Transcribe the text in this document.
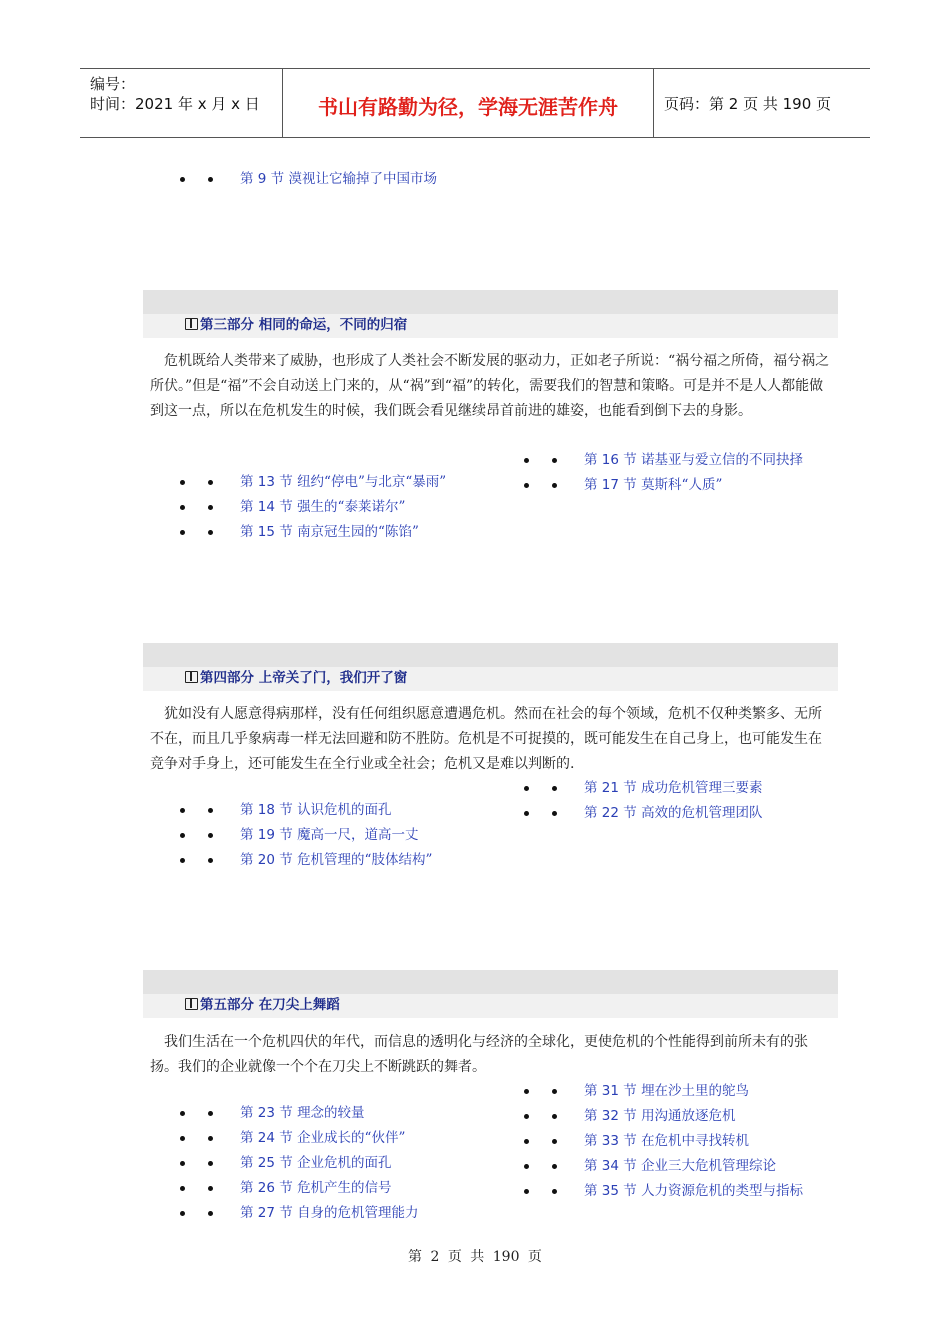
编号：
时间：2021 年 x 月 x 日	书山有路勤为径，学海无涯苦作舟	页码：第 2 页 共 190 页
第 9 节 漠视让它输掉了中国市场
第三部分 相同的命运，不同的归宿
危机既给人类带来了威胁，也形成了人类社会不断发展的驱动力，正如老子所说：“祸兮福之所倚，福兮祸之所伏。”但是“福”不会自动送上门来的，从“祸”到“福”的转化，需要我们的智慧和策略。可是并不是人人都能做到这一点，所以在危机发生的时候，我们既会看见继续昂首前进的雄姿，也能看到倒下去的身影。
第 16 节 诺基亚与爱立信的不同抉择
第 17 节 莫斯科“人质”
第 13 节 纽约“停电”与北京“暴雨”
第 14 节 强生的“泰莱诺尔”
第 15 节 南京冠生园的“陈馅”
第四部分 上帝关了门，我们开了窗
犹如没有人愿意得病那样，没有任何组织愿意遭遇危机。然而在社会的每个领域，危机不仅种类繁多、无所不在，而且几乎象病毒一样无法回避和防不胜防。危机是不可捉摸的，既可能发生在自己身上，也可能发生在竞争对手身上，还可能发生在全行业或全社会；危机又是难以判断的.
第 21 节 成功危机管理三要素
第 22 节 高效的危机管理团队
第 18 节 认识危机的面孔
第 19 节 魔高一尺，道高一丈
第 20 节 危机管理的“肢体结构”
第五部分 在刀尖上舞蹈
我们生活在一个危机四伏的年代，而信息的透明化与经济的全球化，更使危机的个性能得到前所未有的张扬。我们的企业就像一个个在刀尖上不断跳跃的舞者。
第 31 节 埋在沙土里的鸵鸟
第 32 节 用沟通放逐危机
第 33 节 在危机中寻找转机
第 34 节 企业三大危机管理综论
第 35 节 人力资源危机的类型与指标
第 23 节 理念的较量
第 24 节 企业成长的“伙伴”
第 25 节 企业危机的面孔
第 26 节 危机产生的信号
第 27 节 自身的危机管理能力
第 2 页 共 190 页
